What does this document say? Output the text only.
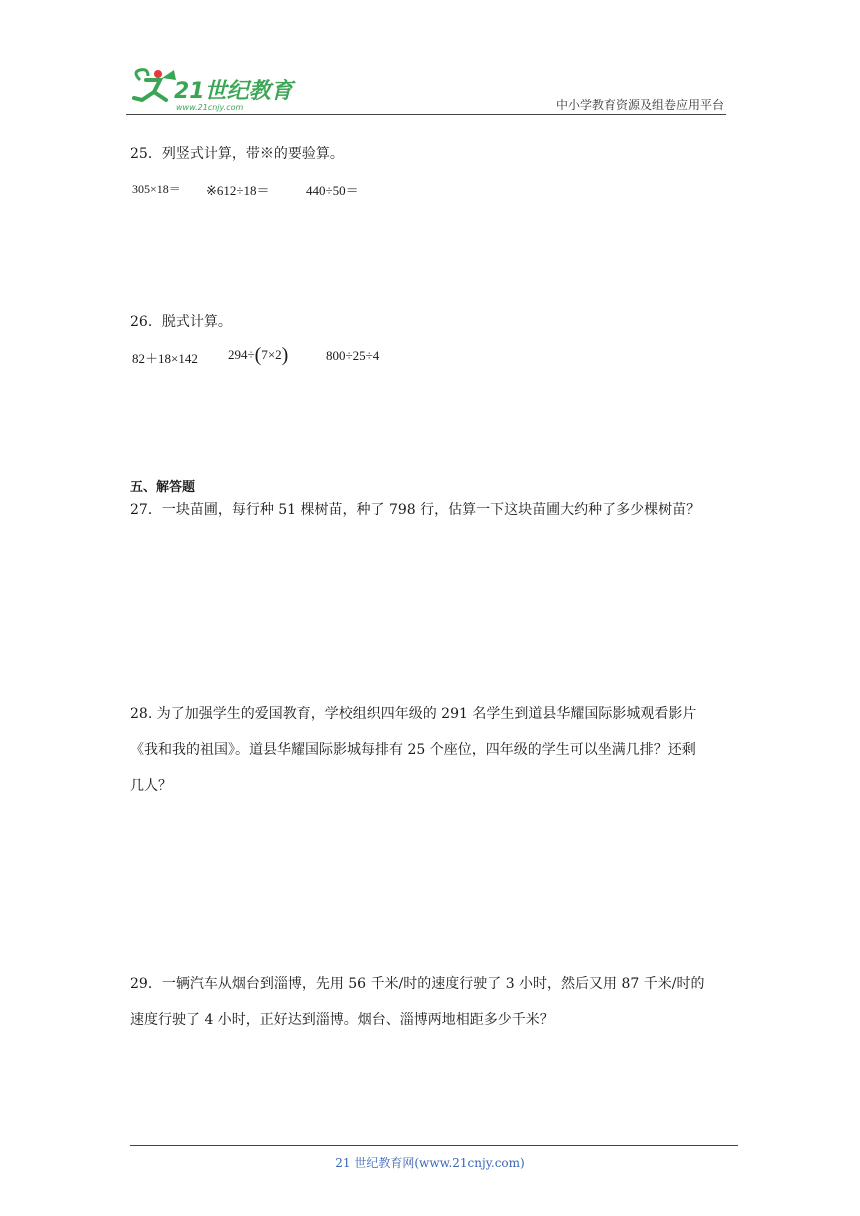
21世纪教育
www.21cnjy.com	中小学教育资源及组卷应用平台
25．列竖式计算，带※的要验算。
305×18＝ ※612÷18＝	440÷50＝
26．脱式计算。
82＋18×142 294÷(7×2)	800÷25÷4
五、解答题
27．一块苗圃，每行种 51 棵树苗，种了 798 行，估算一下这块苗圃大约种了多少棵树苗？
28. 为了加强学生的爱国教育，学校组织四年级的 291 名学生到道县华耀国际影城观看影片
《我和我的祖国》。道县华耀国际影城每排有 25 个座位，四年级的学生可以坐满几排？还剩
几人？
29．一辆汽车从烟台到淄博，先用 56 千米/时的速度行驶了 3 小时，然后又用 87 千米/时的
速度行驶了 4 小时，正好达到淄博。烟台、淄博两地相距多少千米？
21 世纪教育网(www.21cnjy.com)
